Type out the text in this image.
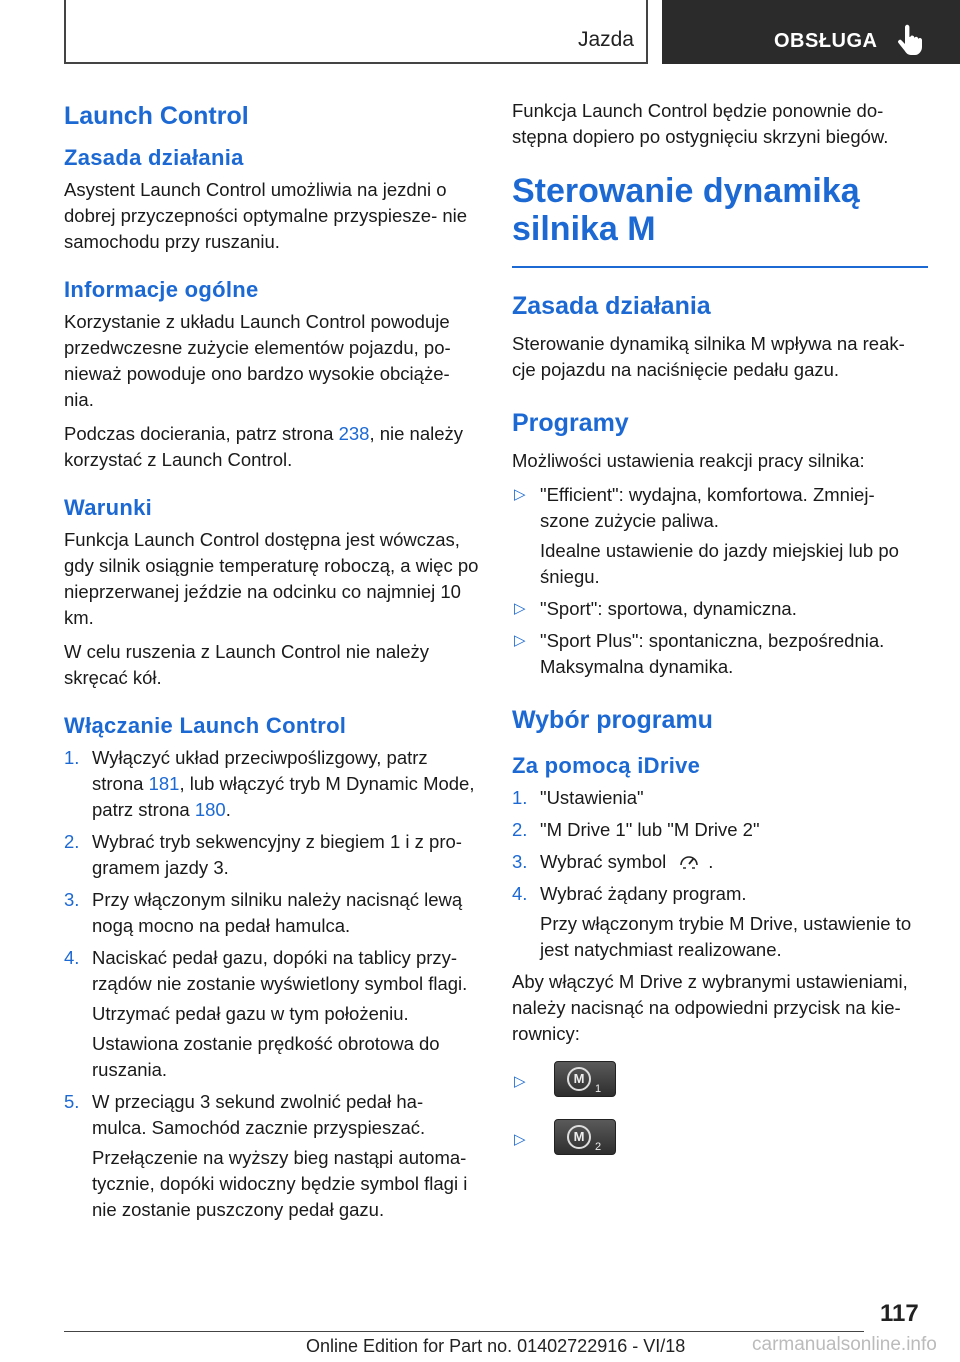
Jazda	OBSŁUGA
Launch Control
Zasada działania

Asystent Launch Control umożliwia na jezdni o dobrej przyczepności optymalne przyspiesze- nie samochodu przy ruszaniu.

Informacje ogólne

Korzystanie z układu Launch Control powoduje przedwczesne zużycie elementów pojazdu, po- nieważ powoduje ono bardzo wysokie obciąże- nia.

Podczas docierania, patrz strona 238, nie należy korzystać z Launch Control.

Warunki

Funkcja Launch Control dostępna jest wówczas, gdy silnik osiągnie temperaturę roboczą, a więc po nieprzerwanej jeździe na odcinku co najmniej 10 km.

W celu ruszenia z Launch Control nie należy skręcać kół.

Włączanie Launch Control
1. Wyłączyć układ przeciwpoślizgowy, patrz strona 181, lub włączyć tryb M Dynamic Mode, patrz strona 180.
2. Wybrać tryb sekwencyjny z biegiem 1 i z pro- gramem jazdy 3.
3. Przy włączonym silniku należy nacisnąć lewą nogą mocno na pedał hamulca.
4. Naciskać pedał gazu, dopóki na tablicy przy- rządów nie zostanie wyświetlony symbol flagi.

Utrzymać pedał gazu w tym położeniu.

Ustawiona zostanie prędkość obrotowa do ruszania.

5. W przeciągu 3 sekund zwolnić pedał ha- mulca. Samochód zacznie przyspieszać.

Przełączenie na wyższy bieg nastąpi automa- tycznie, dopóki widoczny będzie symbol flagi i nie zostanie puszczony pedał gazu.

Funkcja Launch Control będzie ponownie do- stępna dopiero po ostygnięciu skrzyni biegów.

Sterowanie dynamiką
silnika M
Zasada działania

Sterowanie dynamiką silnika M wpływa na reak- cje pojazdu na naciśnięcie pedału gazu.

Programy

Możliwości ustawienia reakcji pracy silnika:

▷ "Efficient": wydajna, komfortowa. Zmniej- szone zużycie paliwa.

Idealne ustawienie do jazdy miejskiej lub po śniegu.

▷ "Sport": sportowa, dynamiczna.
▷ "Sport Plus": spontaniczna, bezpośrednia. Maksymalna dynamika.
Wybór programu
Za pomocą iDrive
1. "Ustawienia"
2. "M Drive 1" lub "M Drive 2"
3. Wybrać symbol .
4. Wybrać żądany program.

Przy włączonym trybie M Drive, ustawienie to jest natychmiast realizowane.

Aby włączyć M Drive z wybranymi ustawieniami, należy nacisnąć na odpowiedni przycisk na kie- rownicy:

▷	M
1
▷	M
2
117
Online Edition for Part no. 01402722916 - VI/18	carmanualsonline.info
